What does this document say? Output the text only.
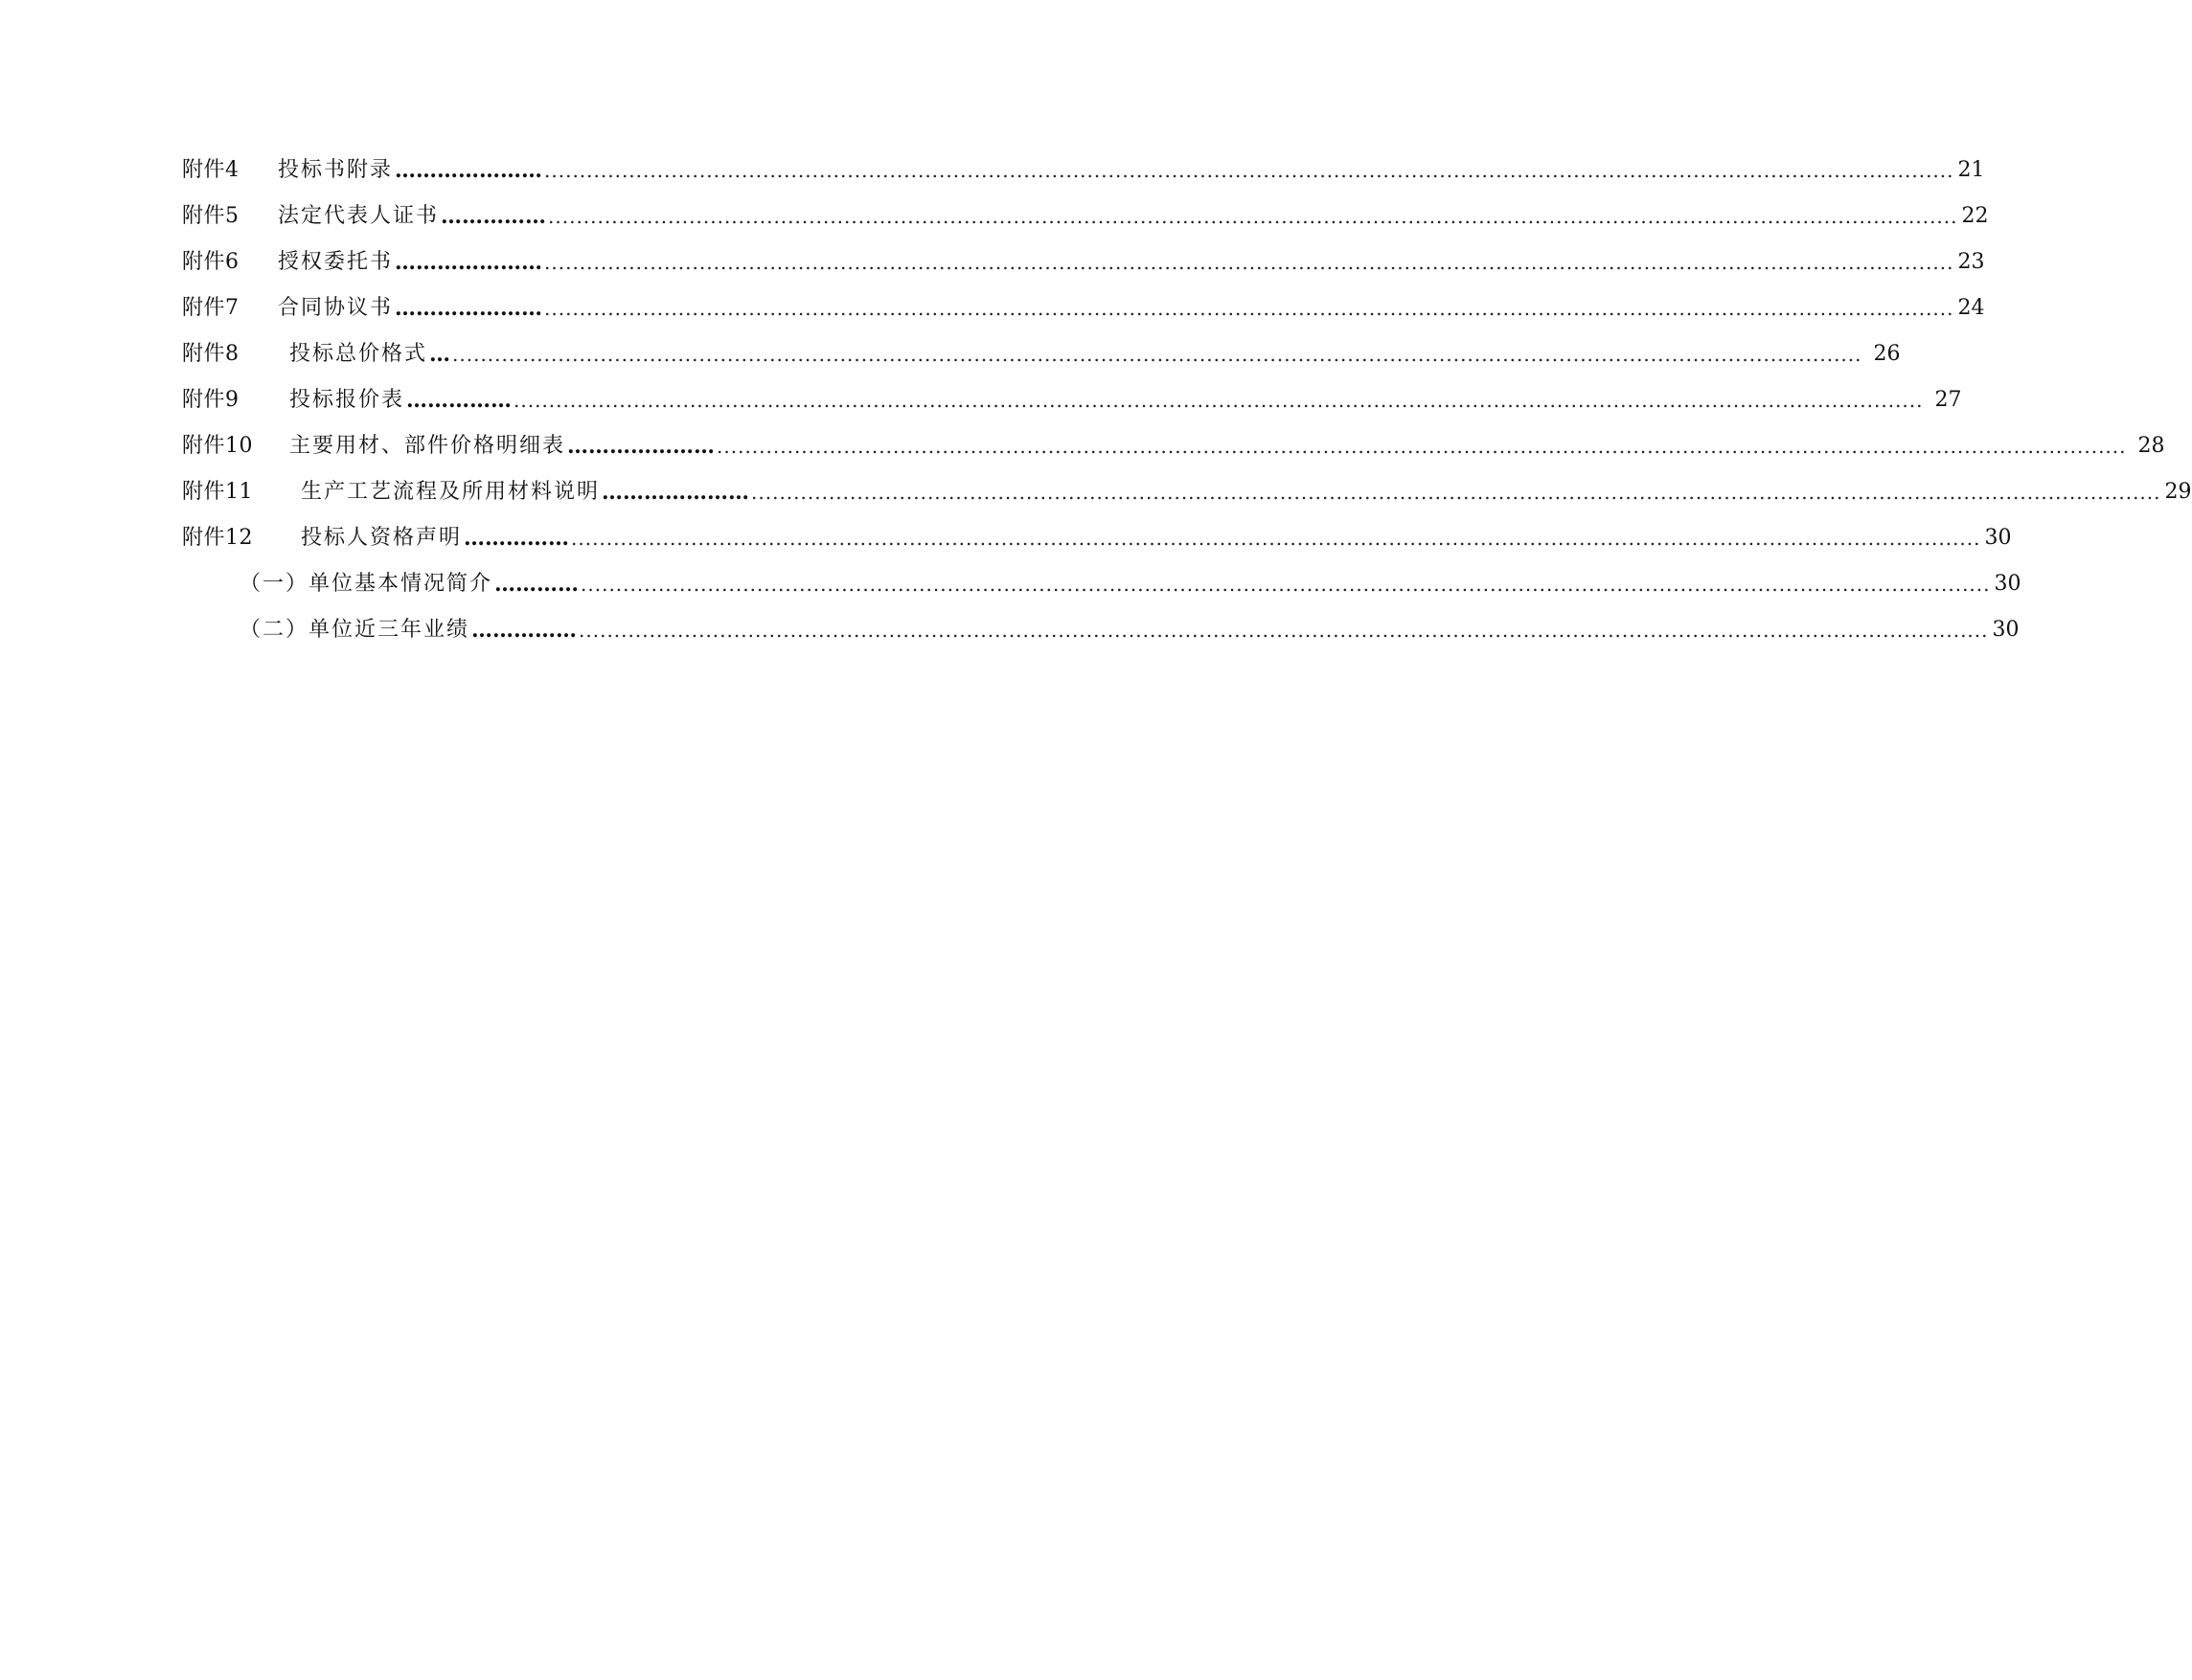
附件4	投标书附录 ………………… ........................................................................................................................................................................................................ 21
附件5	法定代表人证书 …………… ........................................................................................................................................................................................................ 22
附件6	授权委托书 ………………… ........................................................................................................................................................................................................ 23
附件7	合同协议书 ………………… ........................................................................................................................................................................................................ 24
附件8	投标总价格式 … ........................................................................................................................................................................................................ 26
附件9	投标报价表 …………… ........................................................................................................................................................................................................ 27
附件10	主要用材、部件价格明细表 ………………… ........................................................................................................................................................................................................ 28
附件11	生产工艺流程及所用材料说明 ………………… ........................................................................................................................................................................................................ 29
附件12	投标人资格声明 …………… ........................................................................................................................................................................................................ 30
（一）单位基本情况简介 ………… ........................................................................................................................................................................................................ 30
（二）单位近三年业绩 …………… ........................................................................................................................................................................................................ 30
